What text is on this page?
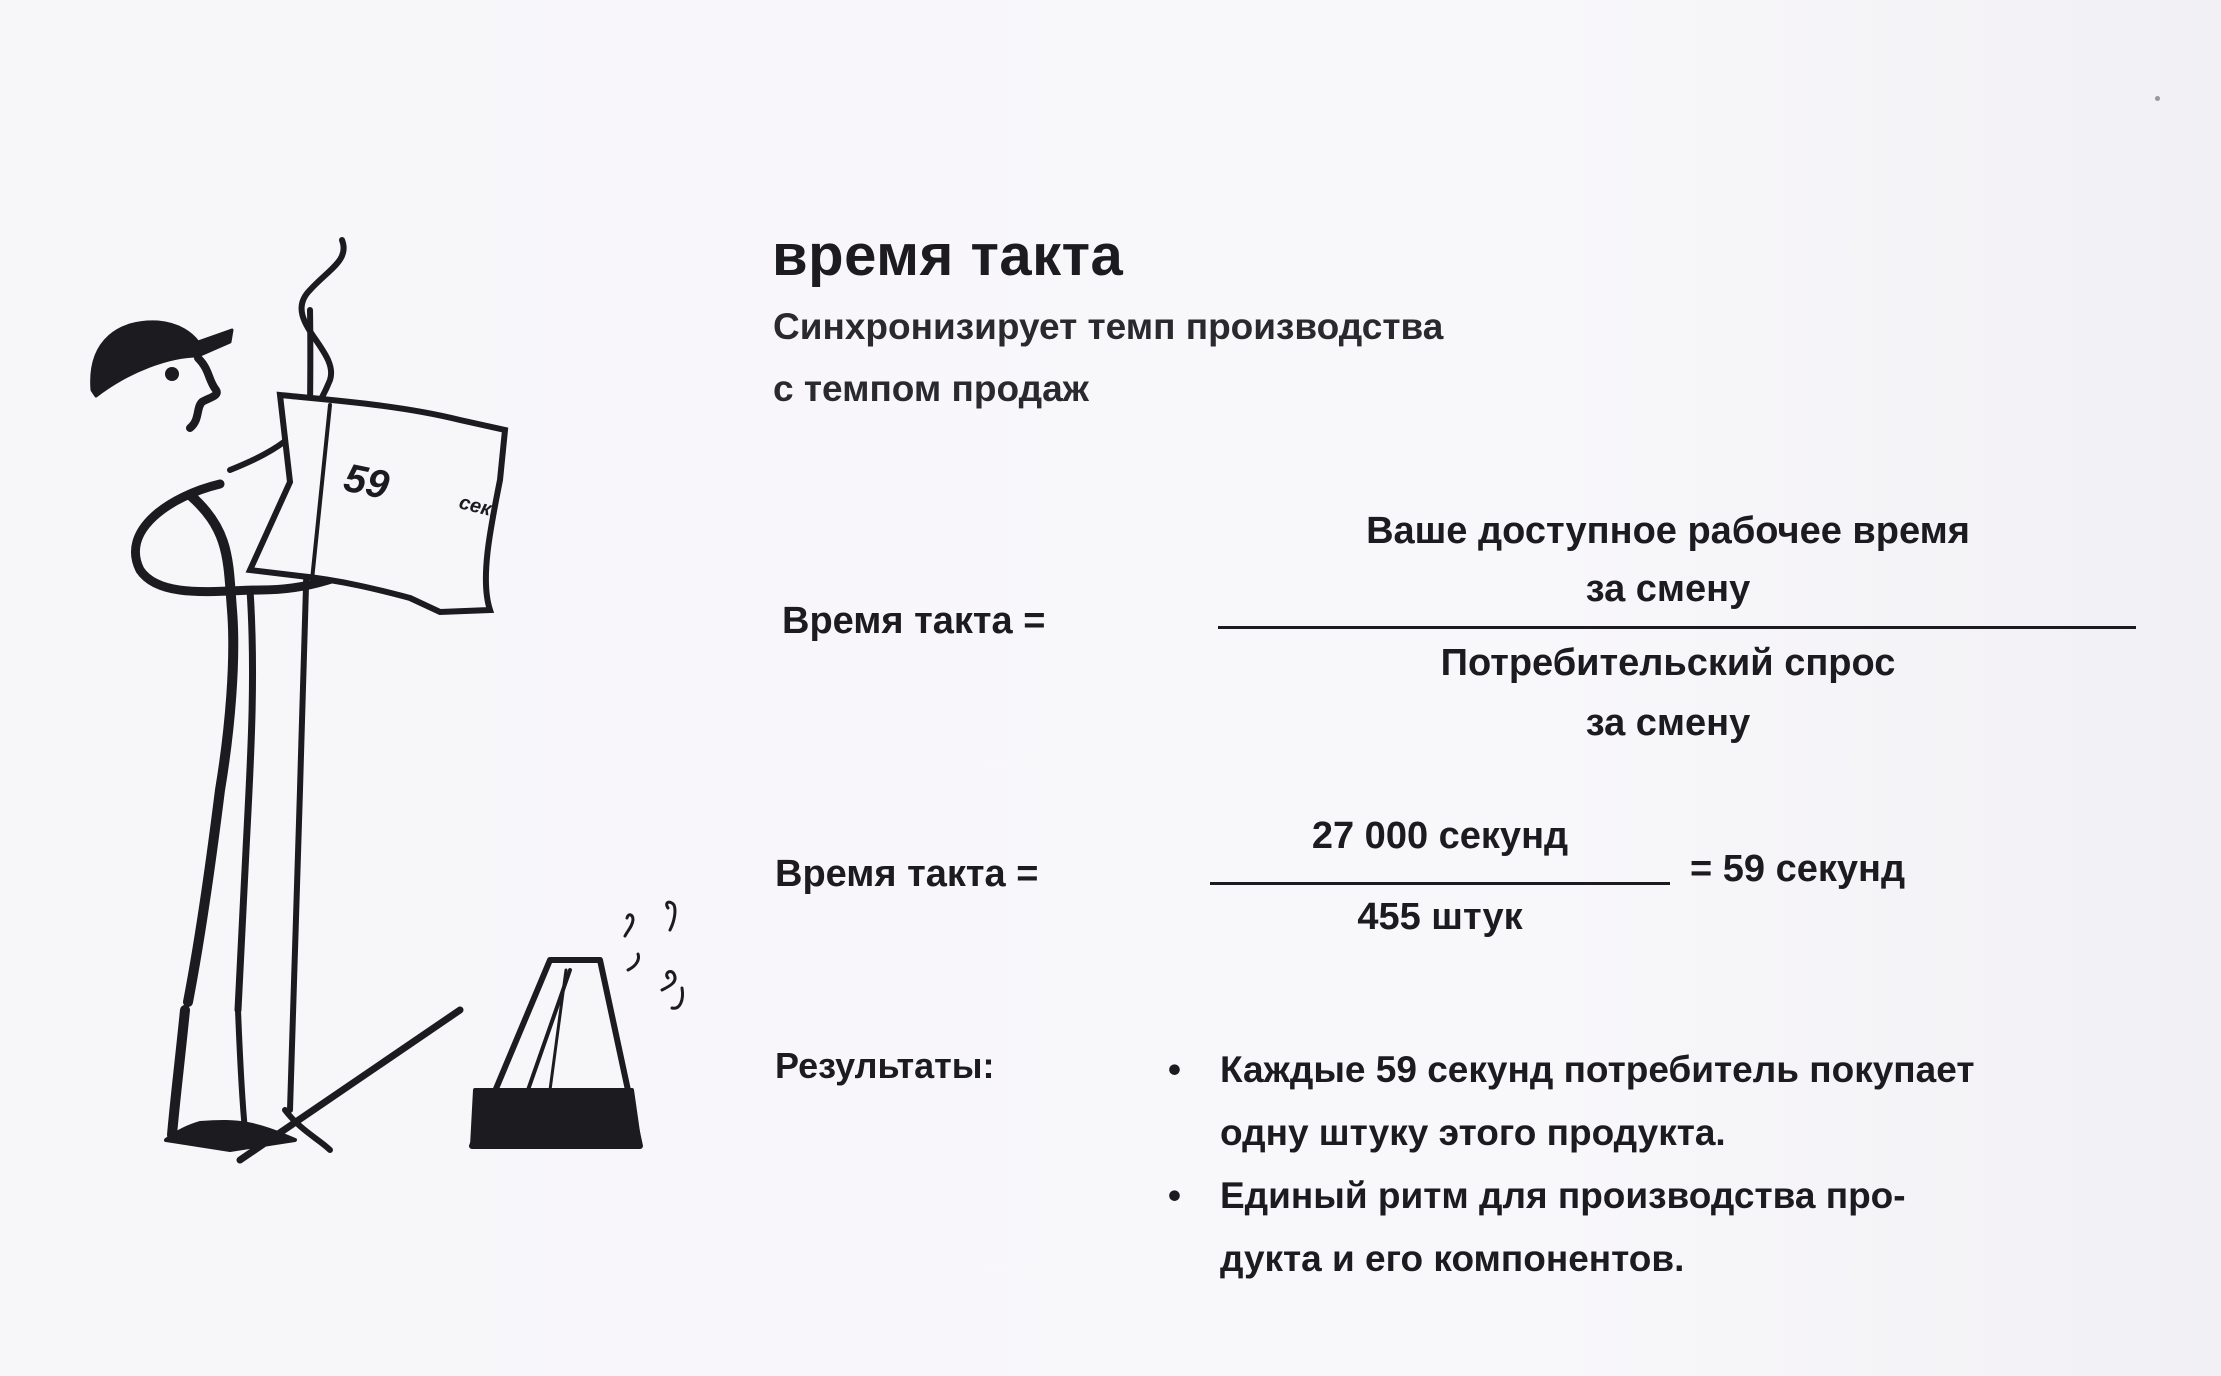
59	сек.
время такта
Синхронизирует темп производства
с темпом продаж
Время такта =
Ваше доступное рабочее время
за смену
Потребительский спрос
за смену
Время такта =
27 000 секунд
455 штук
= 59 секунд
Результаты:	• Каждые 59 секунд потребитель покупает
одну штуку этого продукта.
• Единый ритм для производства про-
дукта и его компонентов.
